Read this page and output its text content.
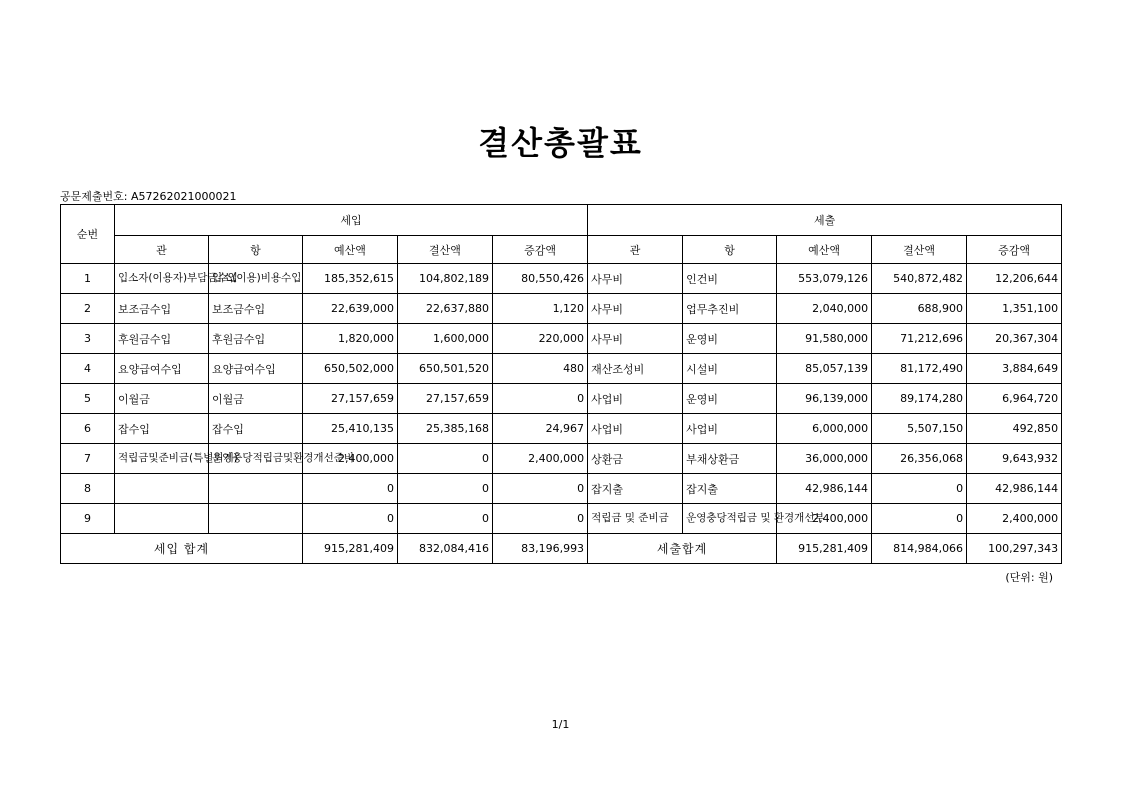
결산총괄표
공문제출번호: A57262021000021
순번	세입					세출				
	관	항	예산액	결산액	증감액	관	항	예산액	결산액	증감액
1	입소자(이용자)부담금수입	입소(이용)비용수입	185,352,615	104,802,189	80,550,426	사무비	인건비	553,079,126	540,872,482	12,206,644
2	보조금수입	보조금수입	22,639,000	22,637,880	1,120	사무비	업무추진비	2,040,000	688,900	1,351,100
3	후원금수입	후원금수입	1,820,000	1,600,000	220,000	사무비	운영비	91,580,000	71,212,696	20,367,304
4	요양급여수입	요양급여수입	650,502,000	650,501,520	480	재산조성비	시설비	85,057,139	81,172,490	3,884,649
5	이월금	이월금	27,157,659	27,157,659	0	사업비	운영비	96,139,000	89,174,280	6,964,720
6	잡수입	잡수입	25,410,135	25,385,168	24,967	사업비	사업비	6,000,000	5,507,150	492,850
7	적립금및준비금(특별회계)	운영충당적립금및환경개선준비	2,400,000	0	2,400,000	상환금	부채상환금	36,000,000	26,356,068	9,643,932
8			0	0	0	잡지출	잡지출	42,986,144	0	42,986,144
9			0	0	0	적립금 및 준비금	운영충당적립금 및 환경개선부	2,400,000	0	2,400,000
세입 합계			915,281,409	832,084,416	83,196,993	세출합계		915,281,409	814,984,066	100,297,343
(단위: 원)
1/1
